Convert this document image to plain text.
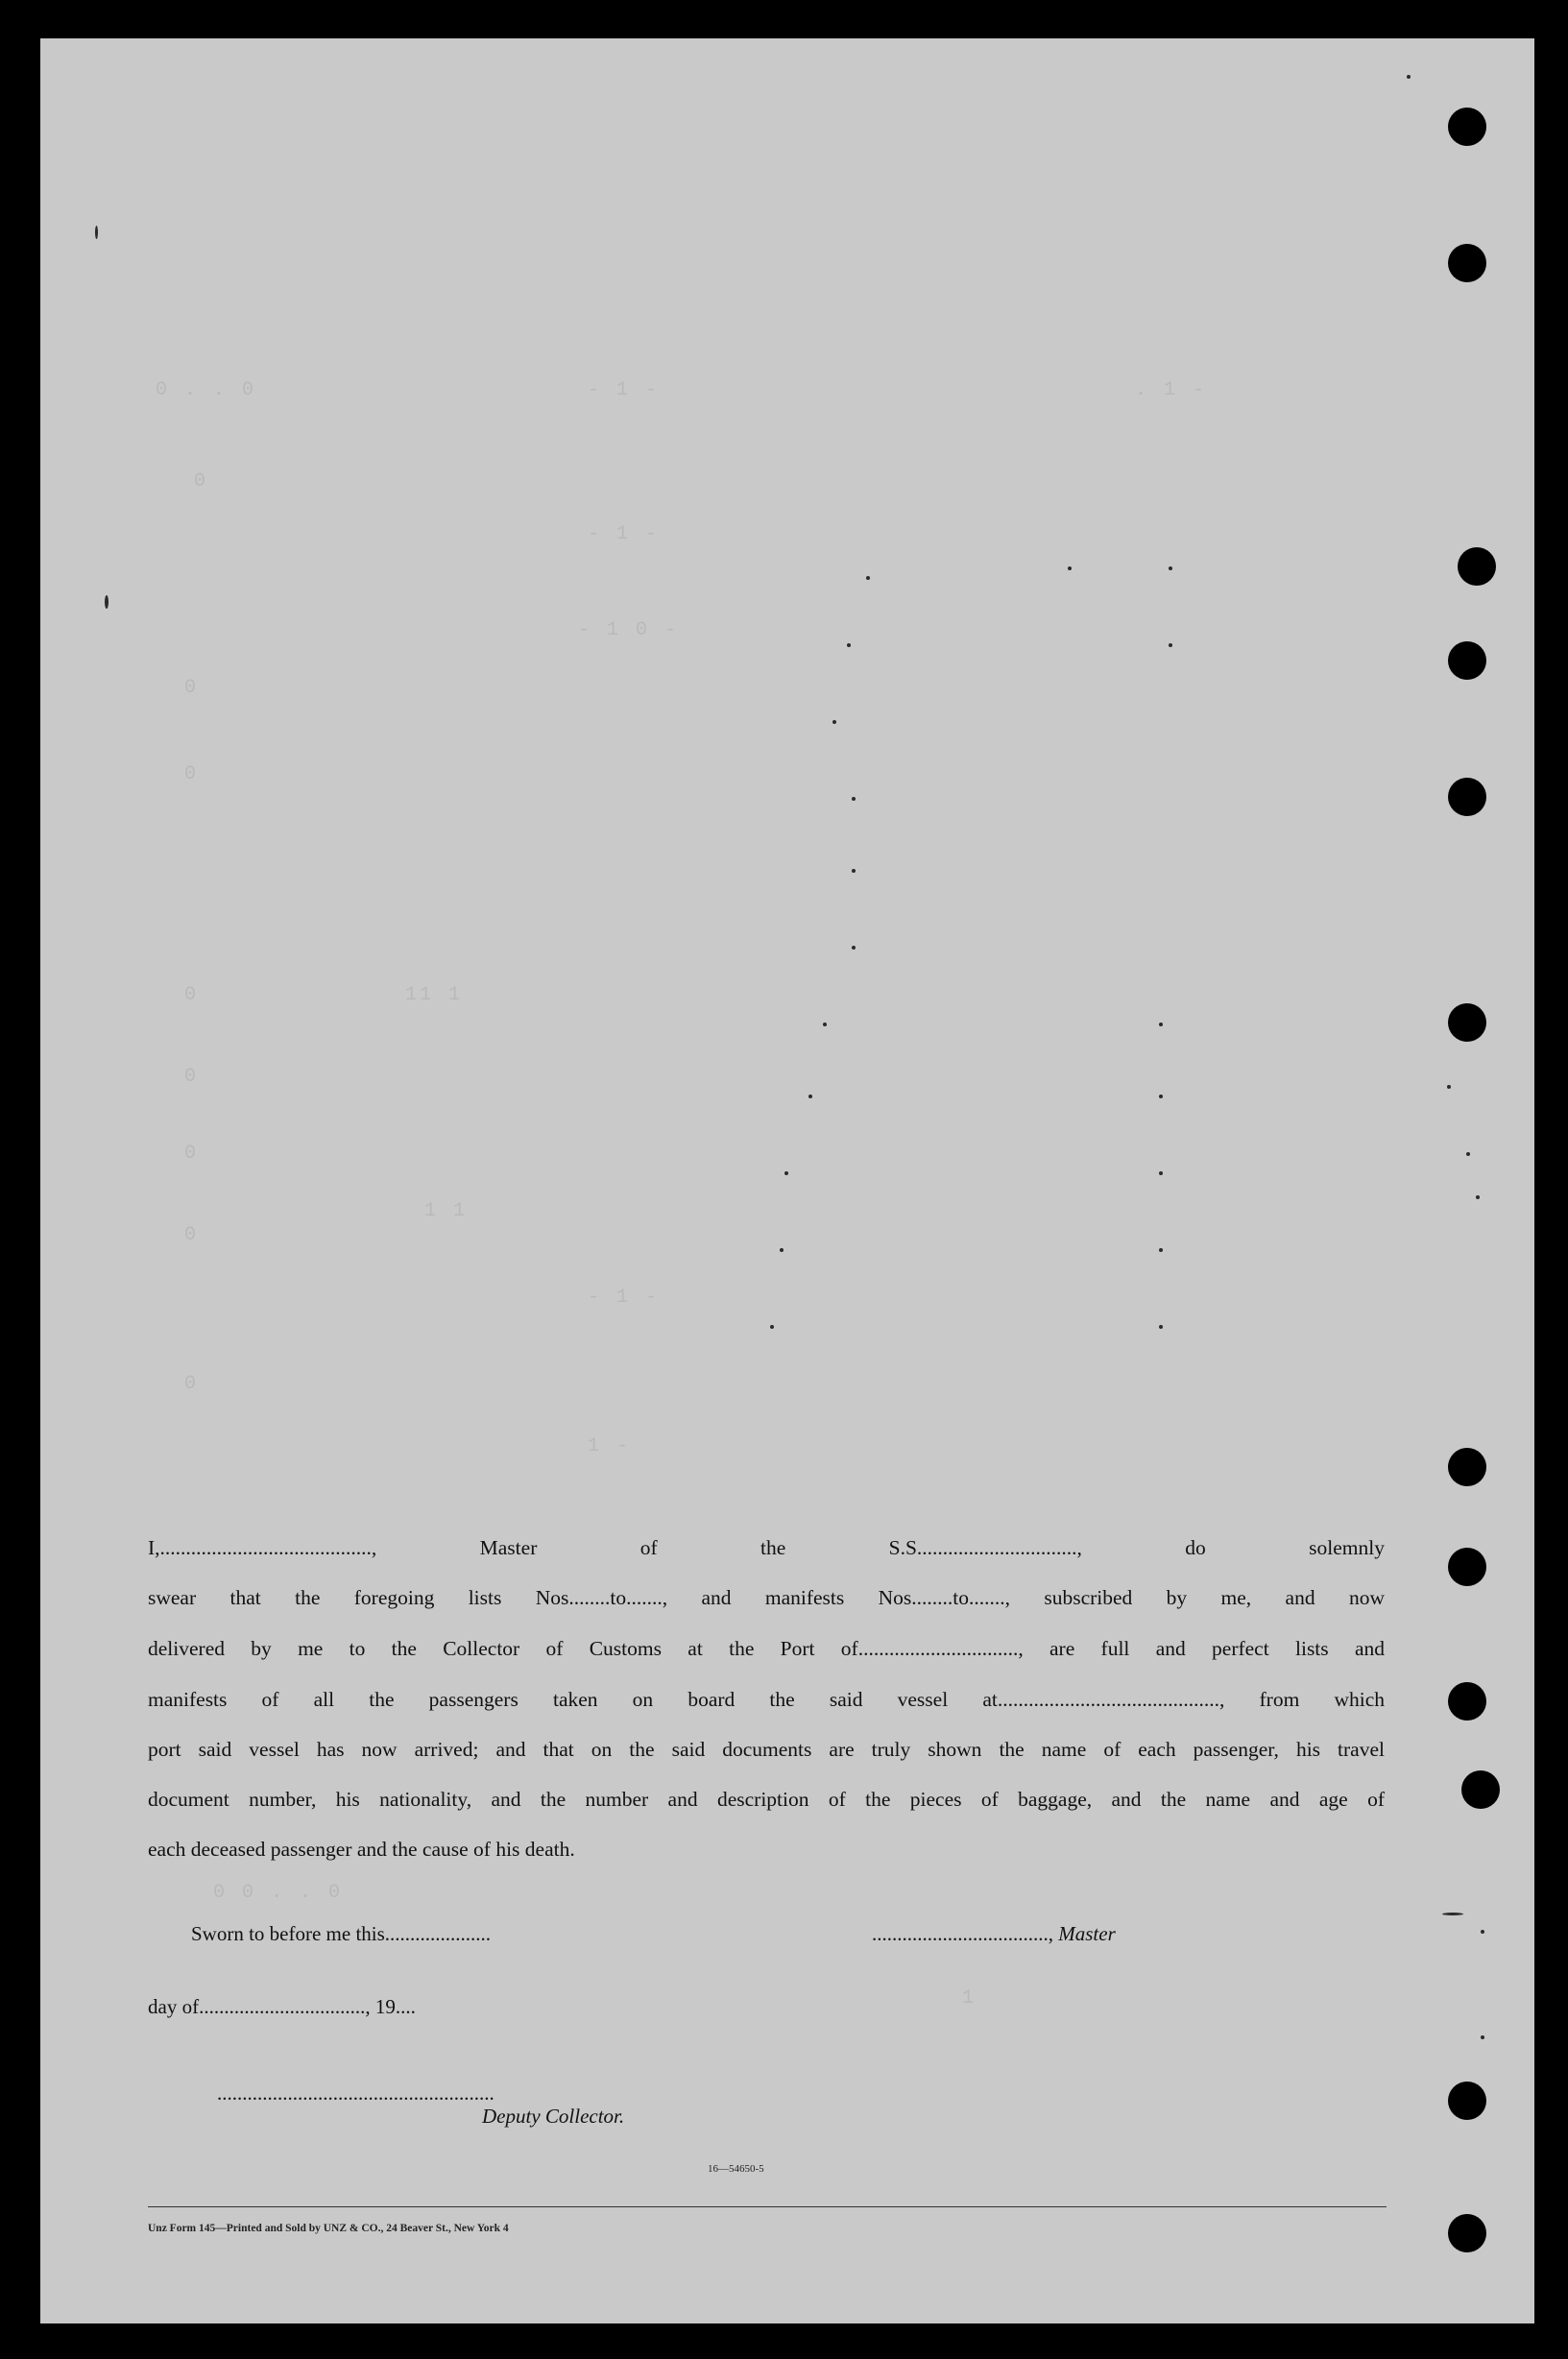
0 . . 0	- 1 -	. 1 -
0
- 1 -
- 1 0 -
0
0
0	11 1
0
0
1 1
0
- 1 -
0
1 -
0 0 . . 0
1

I,........................................., Master of the S.S..............................., do solemnly

swear that the foregoing lists Nos........to......., and manifests Nos........to......., subscribed by me, and now

delivered by me to the Collector of Customs at the Port of..............................., are full and perfect lists and

manifests of all the passengers taken on board the said vessel at..........................................., from which

port said vessel has now arrived; and that on the said documents are truly shown the name of each passenger, his travel

document number, his nationality, and the number and description of the pieces of baggage, and the name and age of

each deceased passenger and the cause of his death.

Sworn to before me this.....................	..................................., Master

day of................................., 19....

.......................................................

Deputy Collector.

16—54650-5
Unz Form 145—Printed and Sold by UNZ & CO., 24 Beaver St., New York 4
